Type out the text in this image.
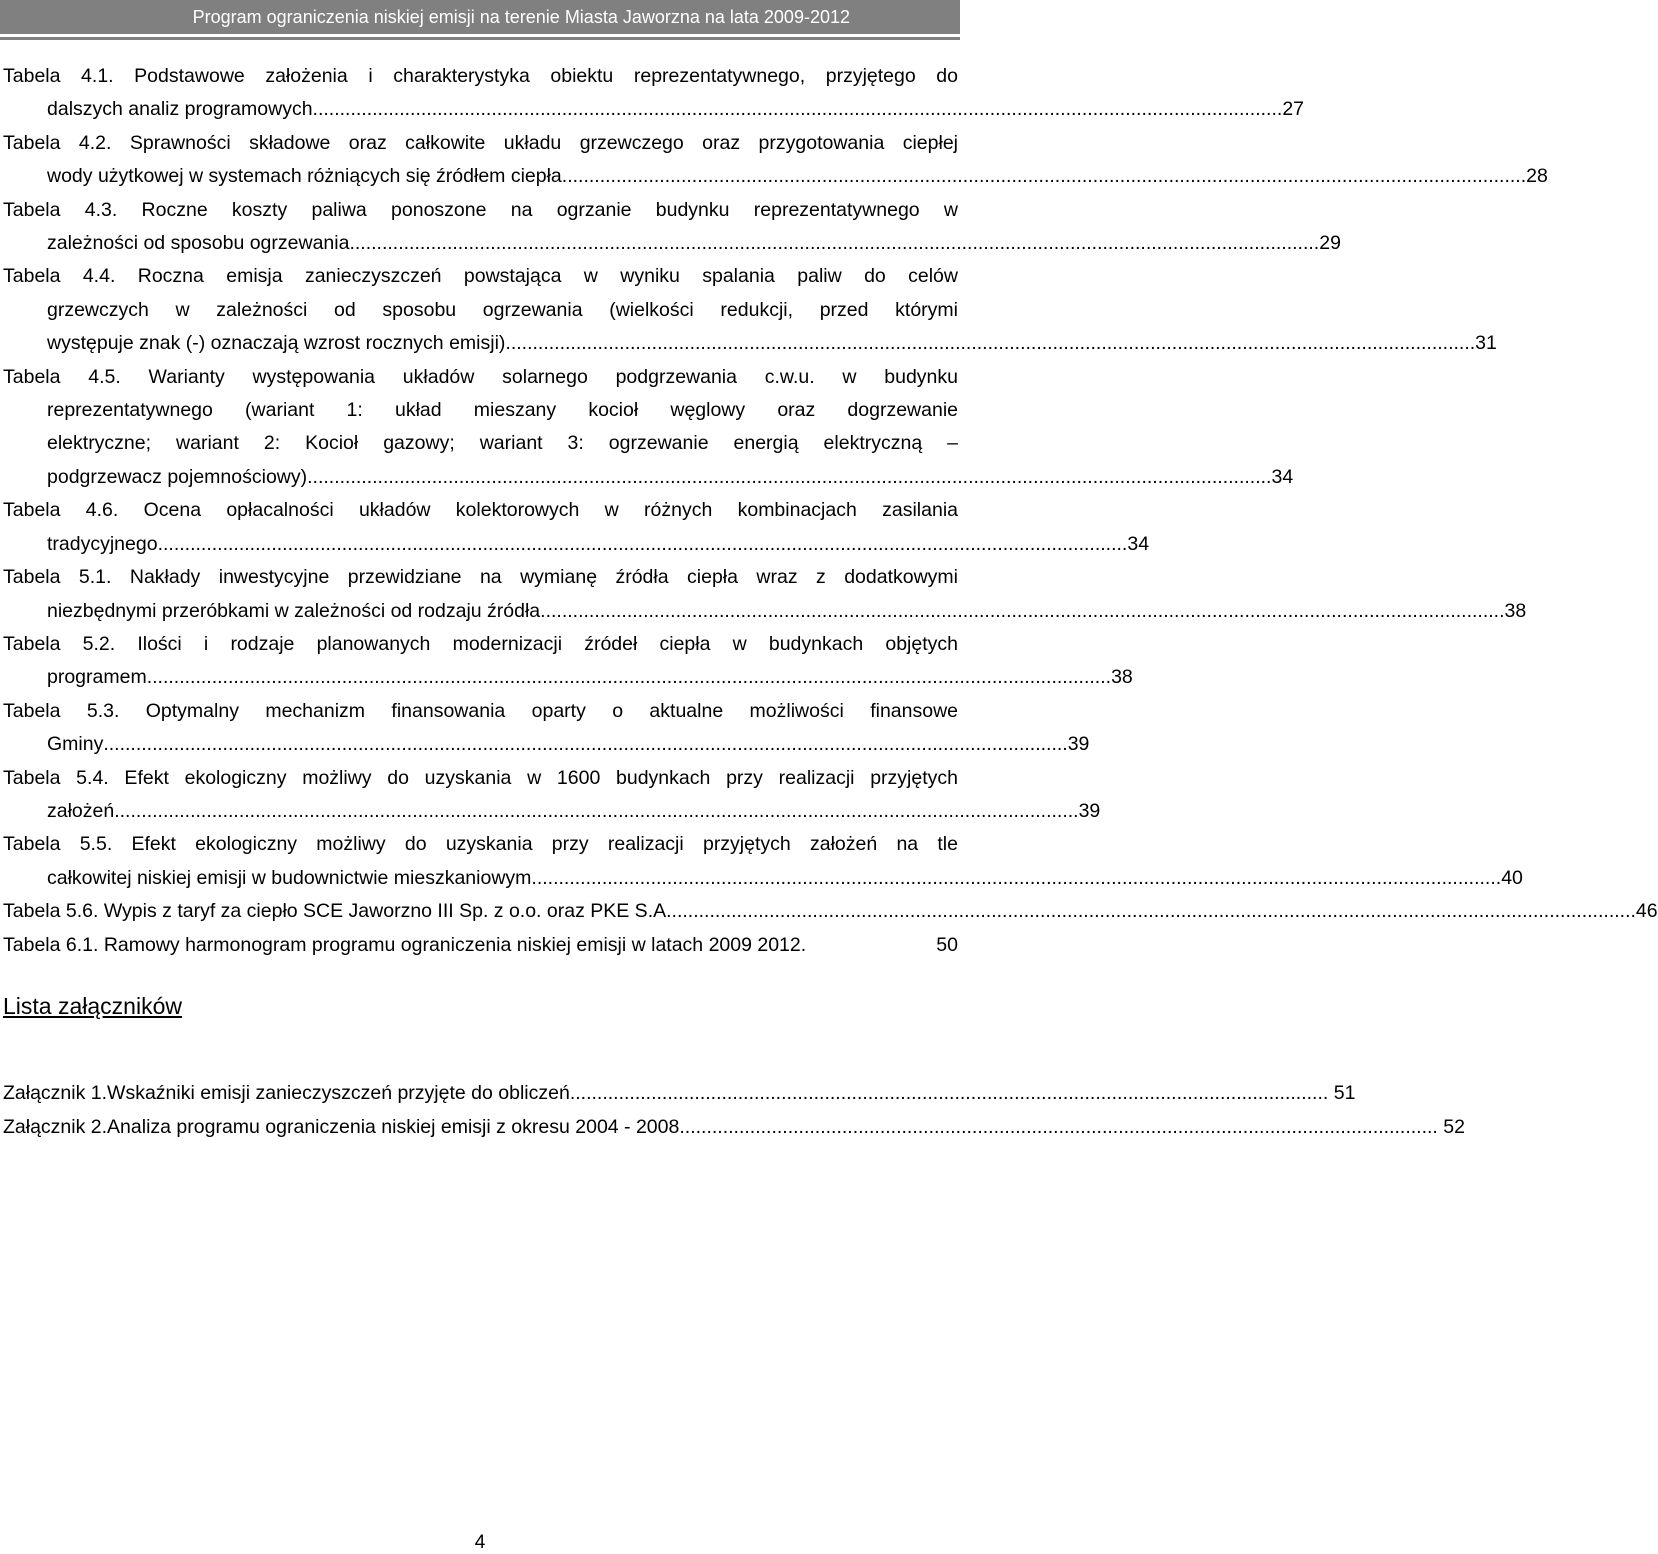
Program ograniczenia niskiej emisji na terenie Miasta Jaworzna na lata 2009-2012
Tabela 4.1. Podstawowe założenia i charakterystyka obiektu reprezentatywnego, przyjętego do
dalszych analiz programowych. .................................................................................................................................................................................. 27
Tabela 4.2. Sprawności składowe oraz całkowite układu grzewczego oraz przygotowania ciepłej
wody użytkowej w systemach różniących się źródłem ciepła .................................................................................................................................................................................. 28
Tabela 4.3. Roczne koszty paliwa ponoszone na ogrzanie budynku reprezentatywnego w
zależności od sposobu ogrzewania. .................................................................................................................................................................................. 29
Tabela 4.4. Roczna emisja zanieczyszczeń powstająca w wyniku spalania paliw do celów
grzewczych w zależności od sposobu ogrzewania (wielkości redukcji, przed którymi
występuje znak (-) oznaczają wzrost rocznych emisji). .................................................................................................................................................................................. 31
Tabela 4.5. Warianty występowania układów solarnego podgrzewania c.w.u. w budynku
reprezentatywnego (wariant 1: układ mieszany kocioł węglowy oraz dogrzewanie
elektryczne; wariant 2: Kocioł gazowy; wariant 3: ogrzewanie energią elektryczną –
podgrzewacz pojemnościowy) .................................................................................................................................................................................. 34
Tabela 4.6. Ocena opłacalności układów kolektorowych w różnych kombinacjach zasilania
tradycyjnego. .................................................................................................................................................................................. 34
Tabela 5.1. Nakłady inwestycyjne przewidziane na wymianę źródła ciepła wraz z dodatkowymi
niezbędnymi przeróbkami w zależności od rodzaju źródła .................................................................................................................................................................................. 38
Tabela 5.2. Ilości i rodzaje planowanych modernizacji źródeł ciepła w budynkach objętych
programem .................................................................................................................................................................................. 38
Tabela 5.3. Optymalny mechanizm finansowania oparty o aktualne możliwości finansowe
Gminy .................................................................................................................................................................................. 39
Tabela 5.4. Efekt ekologiczny możliwy do uzyskania w 1600 budynkach przy realizacji przyjętych
założeń .................................................................................................................................................................................. 39
Tabela 5.5. Efekt ekologiczny możliwy do uzyskania przy realizacji przyjętych założeń na tle
całkowitej niskiej emisji w budownictwie mieszkaniowym. .................................................................................................................................................................................. 40
Tabela 5.6. Wypis z taryf za ciepło SCE Jaworzno III Sp. z o.o. oraz PKE S.A. .................................................................................................................................................................................. 46
Tabela 6.1. Ramowy harmonogram programu ograniczenia niskiej emisji w latach 2009 2012.	50
Lista załączników
Załącznik 1. Wskaźniki emisji zanieczyszczeń przyjęte do obliczeń ............................................................................................................................................ 51
Załącznik 2. Analiza programu ograniczenia niskiej emisji z okresu 2004 - 2008 ............................................................................................................................................ 52
4
